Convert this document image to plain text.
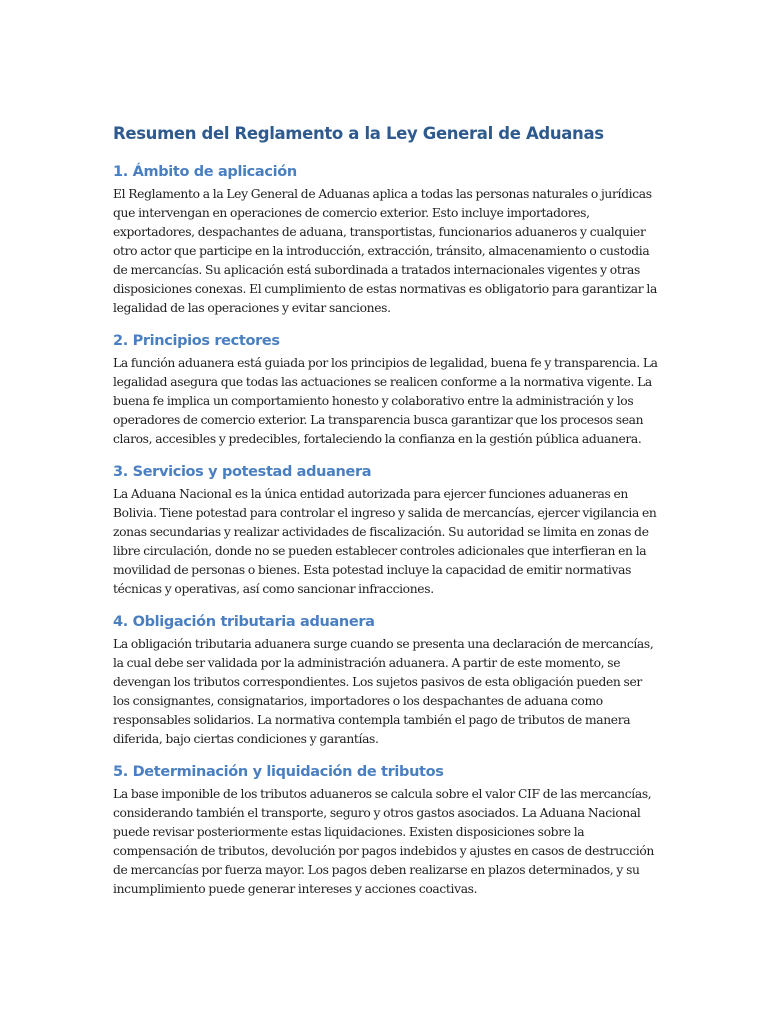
Resumen del Reglamento a la Ley General de Aduanas
1. Ámbito de aplicación

El Reglamento a la Ley General de Aduanas aplica a todas las personas naturales o jurídicas que intervengan en operaciones de comercio exterior. Esto incluye importadores, exportadores, despachantes de aduana, transportistas, funcionarios aduaneros y cualquier otro actor que participe en la introducción, extracción, tránsito, almacenamiento o custodia de mercancías. Su aplicación está subordinada a tratados internacionales vigentes y otras disposiciones conexas. El cumplimiento de estas normativas es obligatorio para garantizar la legalidad de las operaciones y evitar sanciones.

2. Principios rectores

La función aduanera está guiada por los principios de legalidad, buena fe y transparencia. La legalidad asegura que todas las actuaciones se realicen conforme a la normativa vigente. La buena fe implica un comportamiento honesto y colaborativo entre la administración y los operadores de comercio exterior. La transparencia busca garantizar que los procesos sean claros, accesibles y predecibles, fortaleciendo la confianza en la gestión pública aduanera.

3. Servicios y potestad aduanera

La Aduana Nacional es la única entidad autorizada para ejercer funciones aduaneras en Bolivia. Tiene potestad para controlar el ingreso y salida de mercancías, ejercer vigilancia en zonas secundarias y realizar actividades de fiscalización. Su autoridad se limita en zonas de libre circulación, donde no se pueden establecer controles adicionales que interfieran en la movilidad de personas o bienes. Esta potestad incluye la capacidad de emitir normativas técnicas y operativas, así como sancionar infracciones.

4. Obligación tributaria aduanera

La obligación tributaria aduanera surge cuando se presenta una declaración de mercancías, la cual debe ser validada por la administración aduanera. A partir de este momento, se devengan los tributos correspondientes. Los sujetos pasivos de esta obligación pueden ser los consignantes, consignatarios, importadores o los despachantes de aduana como responsables solidarios. La normativa contempla también el pago de tributos de manera diferida, bajo ciertas condiciones y garantías.

5. Determinación y liquidación de tributos

La base imponible de los tributos aduaneros se calcula sobre el valor CIF de las mercancías, considerando también el transporte, seguro y otros gastos asociados. La Aduana Nacional puede revisar posteriormente estas liquidaciones. Existen disposiciones sobre la compensación de tributos, devolución por pagos indebidos y ajustes en casos de destrucción de mercancías por fuerza mayor. Los pagos deben realizarse en plazos determinados, y su incumplimiento puede generar intereses y acciones coactivas.
